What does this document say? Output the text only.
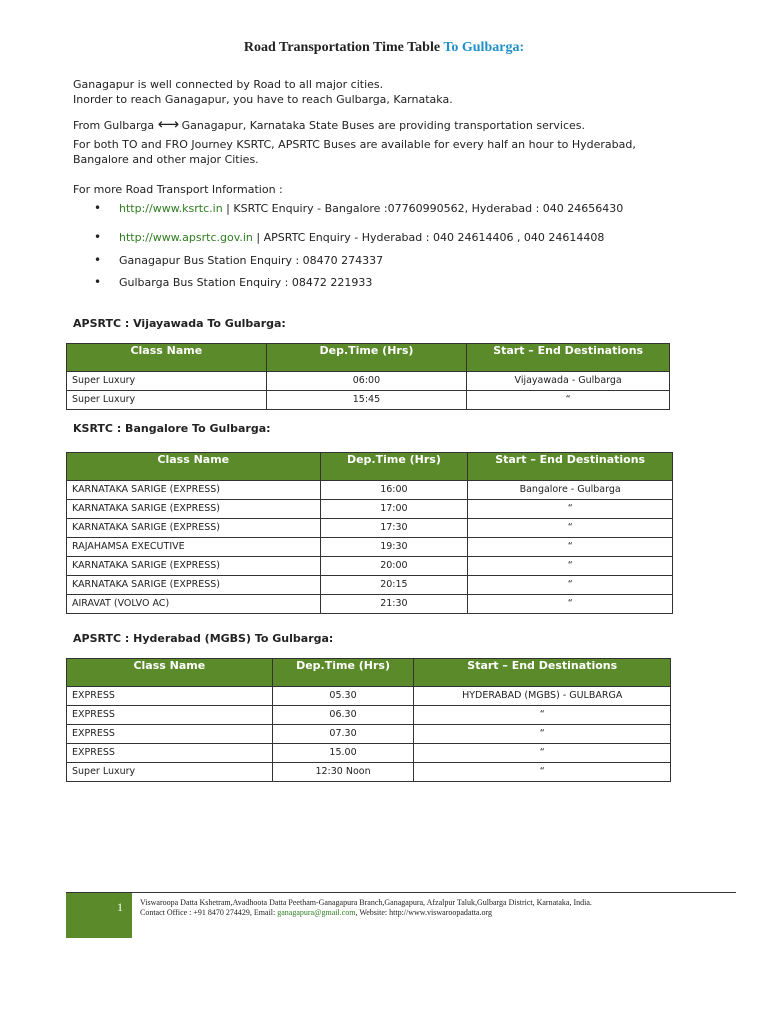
Road Transportation Time Table To Gulbarga:

Ganagapur is well connected by Road to all major cities.
Inorder to reach Ganagapur, you have to reach Gulbarga, Karnataka.

From Gulbarga ⟷ Ganagapur, Karnataka State Buses are providing transportation services.

For both TO and FRO Journey KSRTC, APSRTC Buses are available for every half an hour to Hyderabad,
Bangalore and other major Cities.

For more Road Transport Information :

• http://www.ksrtc.in | KSRTC Enquiry - Bangalore :07760990562, Hyderabad : 040 24656430
• http://www.apsrtc.gov.in | APSRTC Enquiry - Hyderabad : 040 24614406 , 040 24614408
• Ganagapur Bus Station Enquiry : 08470 274337
• Gulbarga Bus Station Enquiry : 08472 221933

APSRTC : Vijayawada To Gulbarga:

Class Name	Dep.Time (Hrs)	Start – End Destinations
Super Luxury	06:00	Vijayawada - Gulbarga
Super Luxury	15:45	“

KSRTC : Bangalore To Gulbarga:

Class Name	Dep.Time (Hrs)	Start – End Destinations
KARNATAKA SARIGE (EXPRESS)	16:00	Bangalore - Gulbarga
KARNATAKA SARIGE (EXPRESS)	17:00	“
KARNATAKA SARIGE (EXPRESS)	17:30	“
RAJAHAMSA EXECUTIVE	19:30	“
KARNATAKA SARIGE (EXPRESS)	20:00	“
KARNATAKA SARIGE (EXPRESS)	20:15	“
AIRAVAT (VOLVO AC)	21:30	“

APSRTC : Hyderabad (MGBS) To Gulbarga:

Class Name	Dep.Time (Hrs)	Start – End Destinations
EXPRESS	05.30	HYDERABAD (MGBS) - GULBARGA
EXPRESS	06.30	“
EXPRESS	07.30	“
EXPRESS	15.00	“
Super Luxury	12:30 Noon	“
1 Viswaroopa Datta Kshetram,Avadhoota Datta Peetham-Ganagapura Branch,Ganagapura, Afzalpur Taluk,Gulbarga District, Karnataka, India.
Contact Office : +91 8470 274429, Email: ganagapura@gmail.com, Website: http://www.viswaroopadatta.org
